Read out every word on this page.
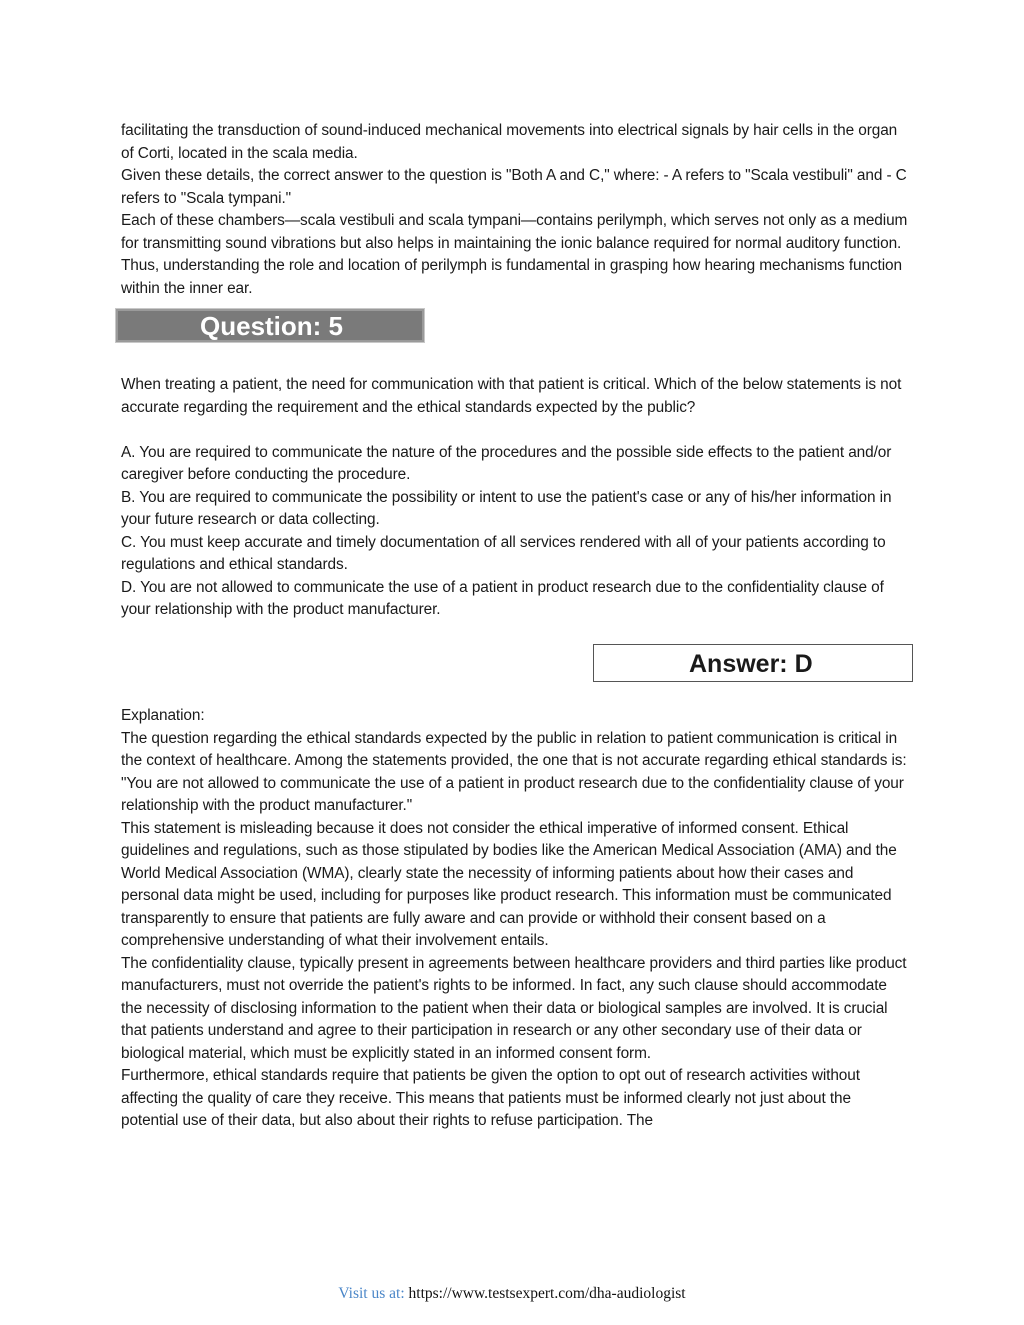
facilitating the transduction of sound-induced mechanical movements into electrical signals by hair cells in the organ of Corti, located in the scala media.

Given these details, the correct answer to the question is "Both A and C," where: - A refers to "Scala vestibuli" and - C refers to "Scala tympani."

Each of these chambers—scala vestibuli and scala tympani—contains perilymph, which serves not only as a medium for transmitting sound vibrations but also helps in maintaining the ionic balance required for normal auditory function. Thus, understanding the role and location of perilymph is fundamental in grasping how hearing mechanisms function within the inner ear.

Question: 5

When treating a patient, the need for communication with that patient is critical. Which of the below statements is not accurate regarding the requirement and the ethical standards expected by the public?

A. You are required to communicate the nature of the procedures and the possible side effects to the patient and/or caregiver before conducting the procedure.

B. You are required to communicate the possibility or intent to use the patient's case or any of his/her information in your future research or data collecting.

C. You must keep accurate and timely documentation of all services rendered with all of your patients according to regulations and ethical standards.

D. You are not allowed to communicate the use of a patient in product research due to the confidentiality clause of your relationship with the product manufacturer.

Answer: D

Explanation:

The question regarding the ethical standards expected by the public in relation to patient communication is critical in the context of healthcare. Among the statements provided, the one that is not accurate regarding ethical standards is: "You are not allowed to communicate the use of a patient in product research due to the confidentiality clause of your relationship with the product manufacturer."

This statement is misleading because it does not consider the ethical imperative of informed consent. Ethical guidelines and regulations, such as those stipulated by bodies like the American Medical Association (AMA) and the World Medical Association (WMA), clearly state the necessity of informing patients about how their cases and personal data might be used, including for purposes like product research. This information must be communicated transparently to ensure that patients are fully aware and can provide or withhold their consent based on a comprehensive understanding of what their involvement entails.

The confidentiality clause, typically present in agreements between healthcare providers and third parties like product manufacturers, must not override the patient's rights to be informed. In fact, any such clause should accommodate the necessity of disclosing information to the patient when their data or biological samples are involved. It is crucial that patients understand and agree to their participation in research or any other secondary use of their data or biological material, which must be explicitly stated in an informed consent form.

Furthermore, ethical standards require that patients be given the option to opt out of research activities without affecting the quality of care they receive. This means that patients must be informed clearly not just about the potential use of their data, but also about their rights to refuse participation. The

Visit us at: https://www.testsexpert.com/dha-audiologist
